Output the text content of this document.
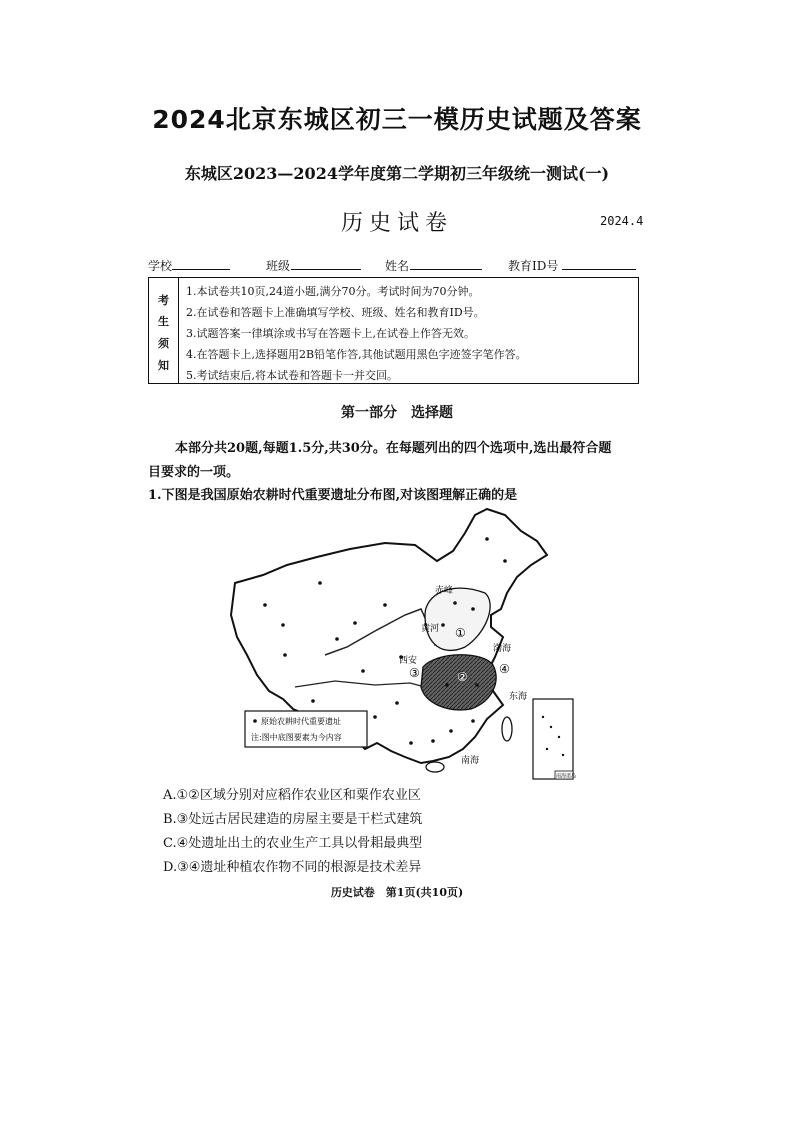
2024北京东城区初三一模历史试题及答案
东城区2023—2024学年度第二学期初三年级统一测试(一)
历史试卷	2024.4
学校	班级	姓名	教育ID号
考
生
须
知
1.本试卷共10页,24道小题,满分70分。考试时间为70分钟。
2.在试卷和答题卡上准确填写学校、班级、姓名和教育ID号。
3.试题答案一律填涂或书写在答题卡上,在试卷上作答无效。
4.在答题卡上,选择题用2B铅笔作答,其他试题用黑色字迹签字笔作答。
5.考试结束后,将本试卷和答题卡一并交回。
第一部分　选择题
本部分共20题,每题1.5分,共30分。在每题列出的四个选项中,选出最符合题
目要求的一项。
1.下图是我国原始农耕时代重要遗址分布图,对该图理解正确的是
赤峰
黄河
西安
渤海
东海
南海
①
②
③	④
原始农耕时代重要遗址
注:图中底图要素为今内容
南海诸岛
A.①②区域分别对应稻作农业区和粟作农业区
B.③处远古居民建造的房屋主要是干栏式建筑
C.④处遗址出土的农业生产工具以骨耜最典型
D.③④遗址种植农作物不同的根源是技术差异
历史试卷　第1页(共10页)
